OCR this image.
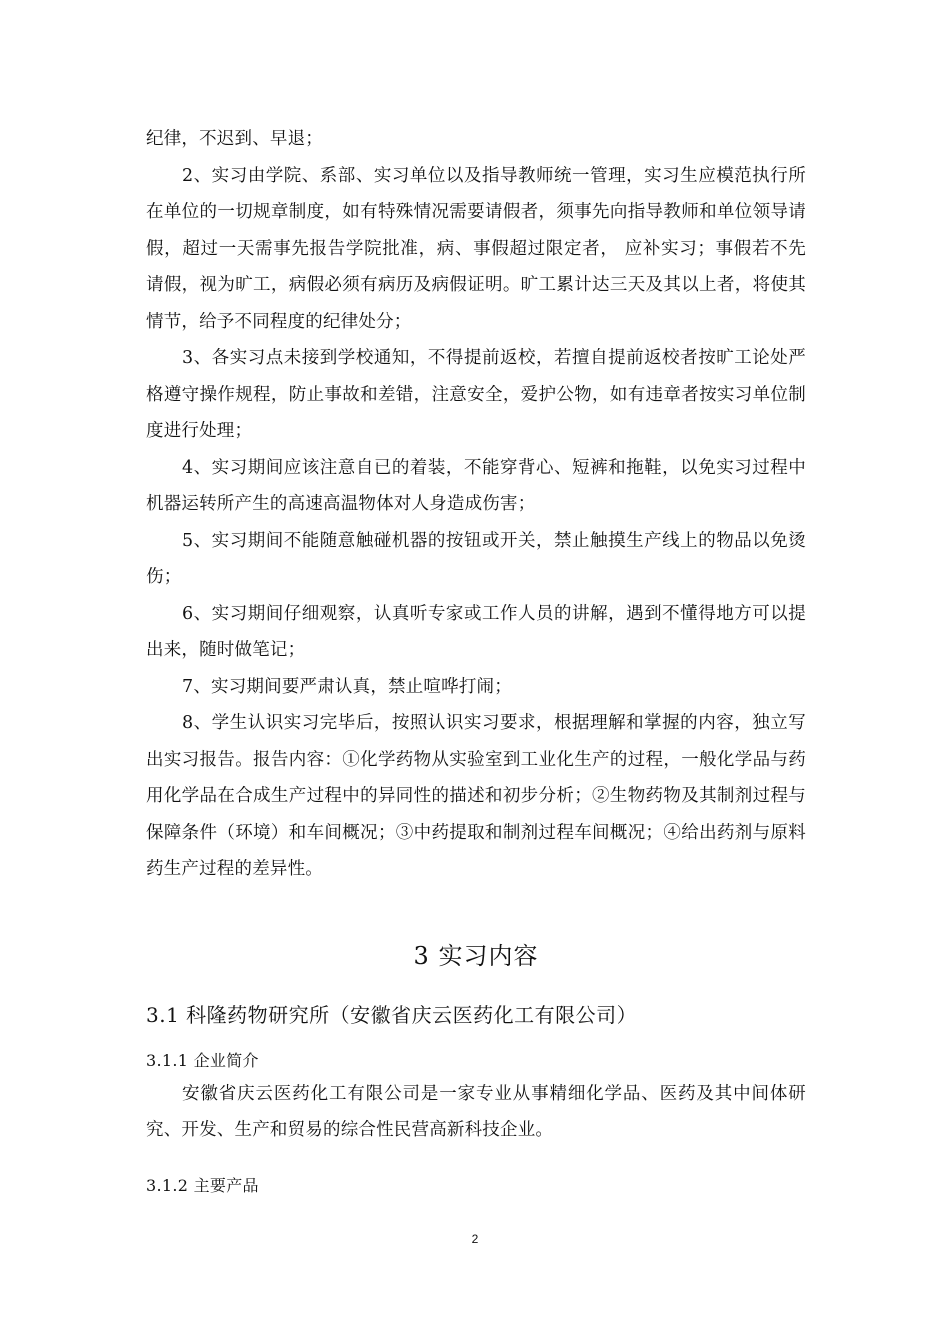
纪律，不迟到、早退；

2、实习由学院、系部、实习单位以及指导教师统一管理，实习生应模范执行所在单位的一切规章制度，如有特殊情况需要请假者，须事先向指导教师和单位领导请假，超过一天需事先报告学院批准，病、事假超过限定者， 应补实习；事假若不先请假，视为旷工，病假必须有病历及病假证明。旷工累计达三天及其以上者，将使其情节，给予不同程度的纪律处分；

3、各实习点未接到学校通知，不得提前返校，若擅自提前返校者按旷工论处严格遵守操作规程，防止事故和差错，注意安全，爱护公物，如有违章者按实习单位制度进行处理；

4、实习期间应该注意自已的着装，不能穿背心、短裤和拖鞋，以免实习过程中机器运转所产生的高速高温物体对人身造成伤害；

5、实习期间不能随意触碰机器的按钮或开关，禁止触摸生产线上的物品以免烫伤；

6、实习期间仔细观察，认真听专家或工作人员的讲解，遇到不懂得地方可以提出来，随时做笔记；

7、实习期间要严肃认真，禁止喧哗打闹；

8、学生认识实习完毕后，按照认识实习要求，根据理解和掌握的内容，独立写出实习报告。报告内容：①化学药物从实验室到工业化生产的过程，一般化学品与药用化学品在合成生产过程中的异同性的描述和初步分析；②生物药物及其制剂过程与保障条件（环境）和车间概况；③中药提取和制剂过程车间概况；④给出药剂与原料药生产过程的差异性。

3 实习内容
3.1 科隆药物研究所（安徽省庆云医药化工有限公司）
3.1.1 企业简介

安徽省庆云医药化工有限公司是一家专业从事精细化学品、医药及其中间体研究、开发、生产和贸易的综合性民营高新科技企业。

3.1.2 主要产品
2
